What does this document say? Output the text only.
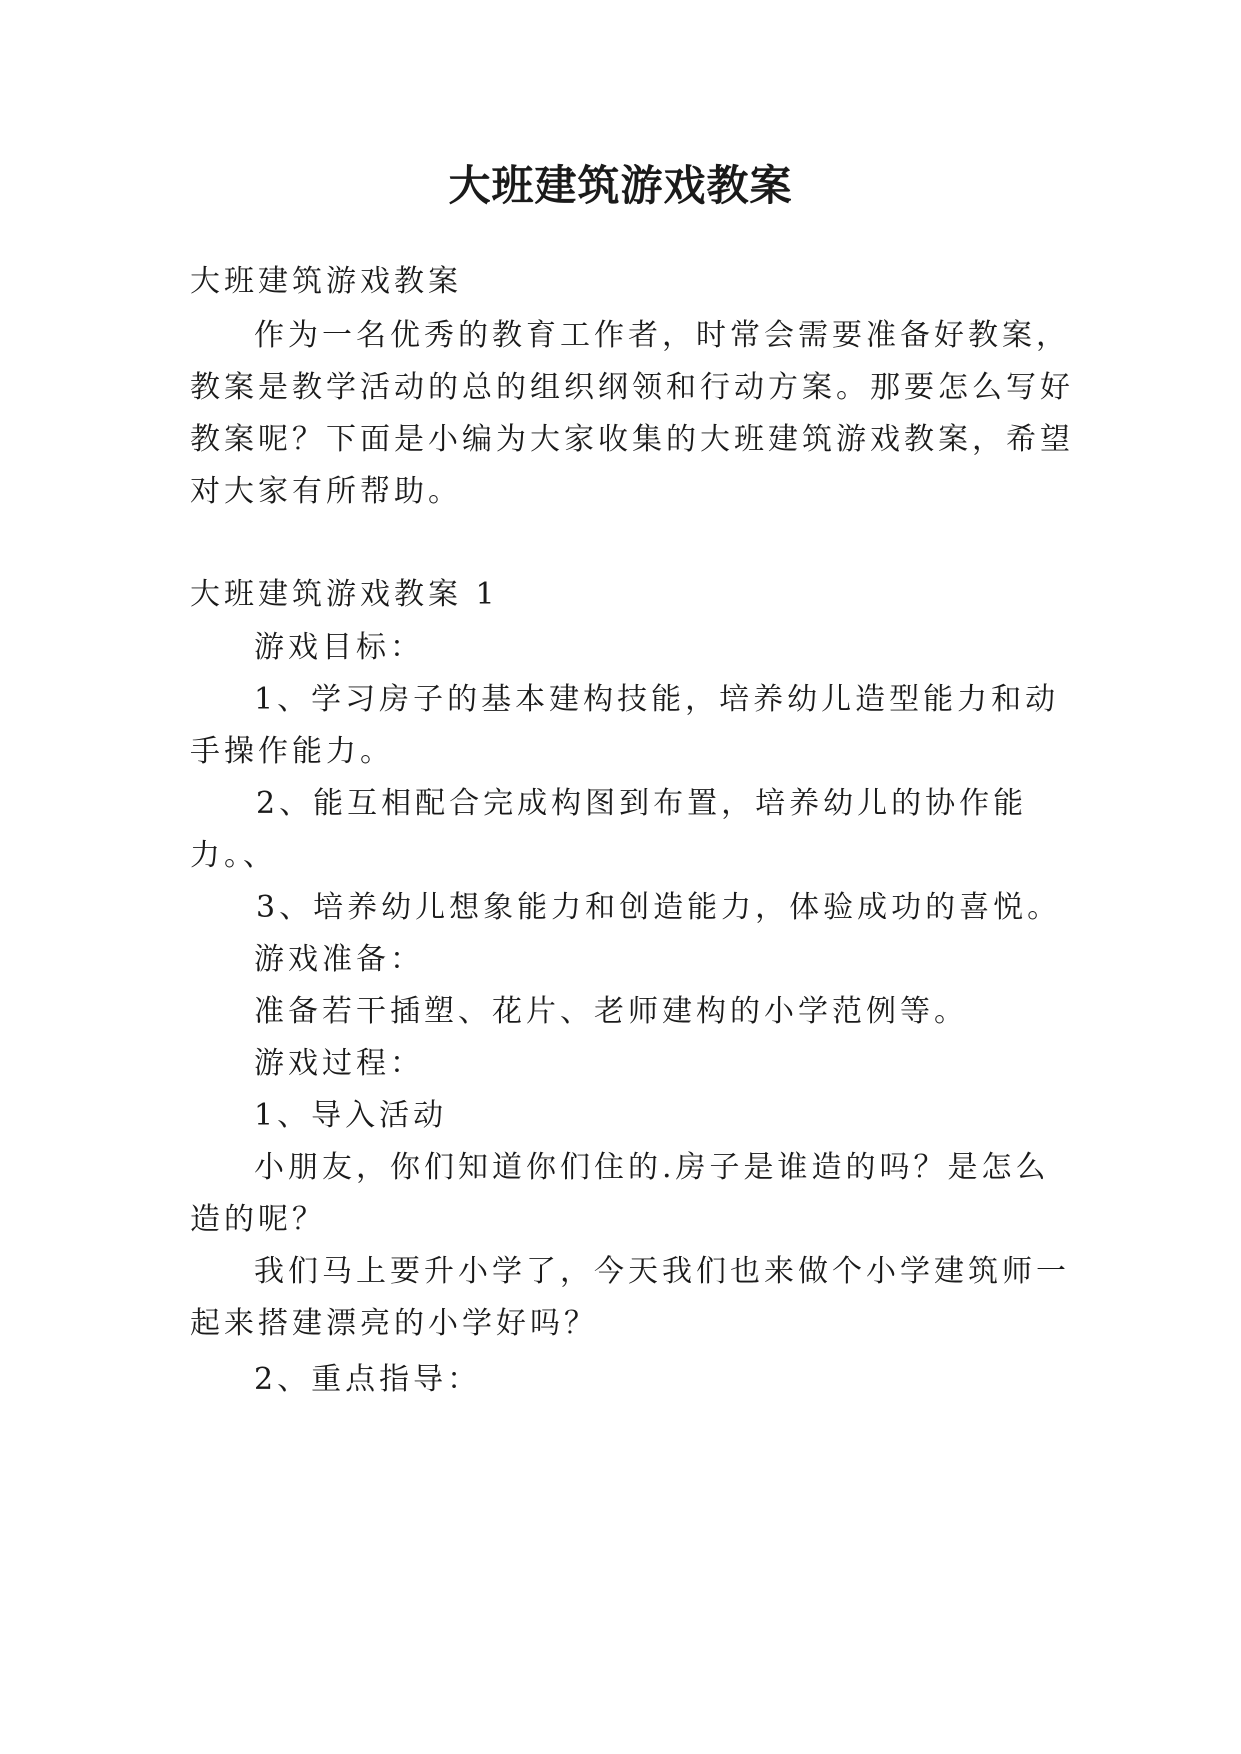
大班建筑游戏教案

大班建筑游戏教案

作为一名优秀的教育工作者，时常会需要准备好教案，

教案是教学活动的总的组织纲领和行动方案。那要怎么写好

教案呢？下面是小编为大家收集的大班建筑游戏教案，希望

对大家有所帮助。

大班建筑游戏教案 1

游戏目标：

1、学习房子的基本建构技能，培养幼儿造型能力和动

手操作能力。

2、能互相配合完成构图到布置，培养幼儿的协作能

力。、

3、培养幼儿想象能力和创造能力，体验成功的喜悦。

游戏准备：

准备若干插塑、花片、老师建构的小学范例等。

游戏过程：

1、导入活动

小朋友，你们知道你们住的.房子是谁造的吗？是怎么

造的呢？

我们马上要升小学了，今天我们也来做个小学建筑师一

起来搭建漂亮的小学好吗？

2、重点指导：
